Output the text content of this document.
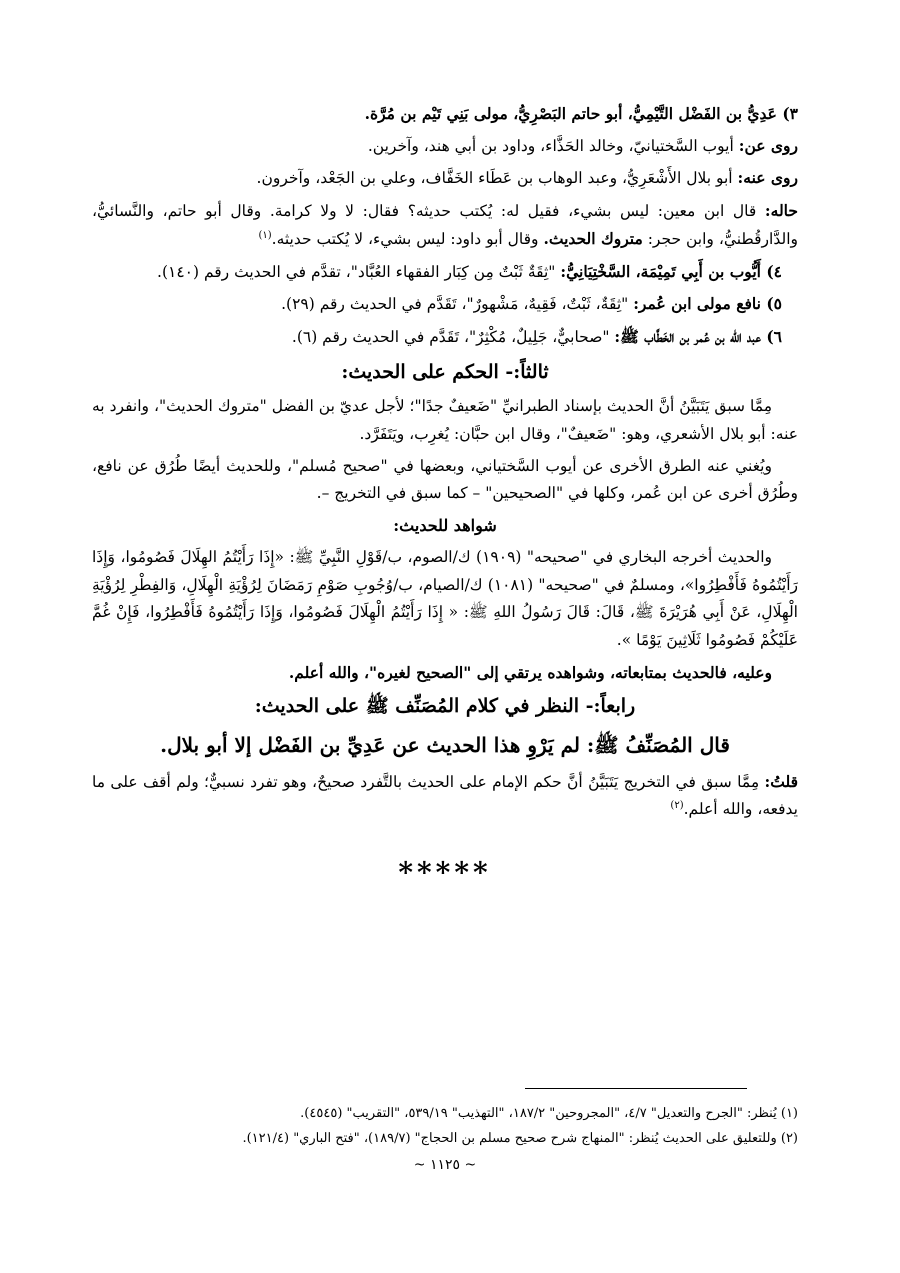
٣) عَدِيُّ بن الفَضْل التَّيْمِيُّ، أبو حاتم البَصْرِيُّ، مولى بَنِي تَيْم بن مُرَّة.

روى عن: أيوب السَّختيانيّ، وخالد الحَذَّاء، وداود بن أبي هند، وآخرين.

روى عنه: أبو بلال الأَشْعَرِيُّ، وعبد الوهاب بن عَطَاء الخَفَّاف، وعلي بن الجَعْد، وآخرون.

حاله: قال ابن معين: ليس بشيء، فقيل له: يُكتب حديثه؟ فقال: لا ولا كرامة. وقال أبو حاتم، والنَّسائيُّ، والدَّارقُطنيُّ، وابن حجر: متروك الحديث. وقال أبو داود: ليس بشيء، لا يُكتب حديثه.$^{(١)}$

٤) أَيُّوب بن أَبِي تَمِيْمَة، السَّخْتِيَانِيُّ: "ثِقَةٌ ثَبْتٌ مِن كِبَار الفقهاء العُبَّاد"، تقدَّم في الحديث رقم (١٤٠).

٥) نافع مولى ابن عُمر: "ثِقَةٌ، ثَبْتٌ، فَقِيهٌ، مَشْهورٌ"، تَقَدَّم في الحديث رقم (٢٩).

٦) عبد الله بن عُمر بن الخَطَّاب ﷺ: "صحابيٌّ، جَلِيلٌ، مُكْثِرٌ"، تَقَدَّم في الحديث رقم (٦).

ثالثاً:- الحكم على الحديث:

مِمَّا سبق يَتَبَيَّنُ أنَّ الحديث بإسناد الطبرانيِّ "ضَعيفٌ جدًا"؛ لأجل عديّ بن الفضل "متروك الحديث"، وانفرد به عنه: أبو بلال الأشعري، وهو: "ضَعيفٌ"، وقال ابن حبَّان: يُغرِب، ويَتَفَرَّد.

ويُغني عنه الطرق الأخرى عن أيوب السَّختياني، وبعضها في "صحيح مُسلم"، وللحديث أيضًا طُرُق عن نافع، وطُرُق أخرى عن ابن عُمر، وكلها في "الصحيحين" – كما سبق في التخريج –.

شواهد للحديث:

والحديث أخرجه البخاري في "صحيحه" (١٩٠٩) ك/الصوم، ب/قَوْلِ النَّبِيِّ ﷺ: «إِذَا رَأَيْتُمُ الهِلَالَ فَصُومُوا، وَإِذَا رَأَيْتُمُوهُ فَأَفْطِرُوا»، ومسلمٌ في "صحيحه" (١٠٨١) ك/الصيام، ب/وُجُوبِ صَوْمِ رَمَضَانَ لِرُؤْيَةِ الْهِلَالِ، وَالفِطْرِ لِرُؤْيَةِ الْهِلَالِ، عَنْ أَبِي هُرَيْرَةَ ﷺ، قَالَ: قَالَ رَسُولُ اللهِ ﷺ: « إِذَا رَأَيْتُمُ الْهِلَالَ فَصُومُوا، وَإِذَا رَأَيْتُمُوهُ فَأَفْطِرُوا، فَإِنْ غُمَّ عَلَيْكُمْ فَصُومُوا ثَلَاثِينَ يَوْمًا ».

وعليه، فالحديث بمتابعاته، وشواهده يرتقي إلى "الصحيح لغيره"، والله أعلم.

رابعاً:- النظر في كلام المُصَنِّف ﷺ على الحديث:
قال المُصَنِّفُ ﷺ: لم يَرْوِ هذا الحديث عن عَدِيِّ بن الفَضْل إلا أبو بلال.

قلتُ: مِمَّا سبق في التخريج يَتَبَيَّنُ أنَّ حكم الإمام على الحديث بالتَّفرد صحيحٌ، وهو تفرد نسبيٌّ؛ ولم أقف على ما يدفعه، والله أعلم.$^{(٢)}$

*****

(١) يُنظر: "الجرح والتعديل" ٤/٧، "المجروحين" ١٨٧/٢، "التهذيب" ٥٣٩/١٩، "التقريب" (٤٥٤٥).

(٢) وللتعليق على الحديث يُنظر: "المنهاج شرح صحيح مسلم بن الحجاج" (١٨٩/٧)، "فتح الباري" (١٢١/٤).

~ ١١٢٥ ~
